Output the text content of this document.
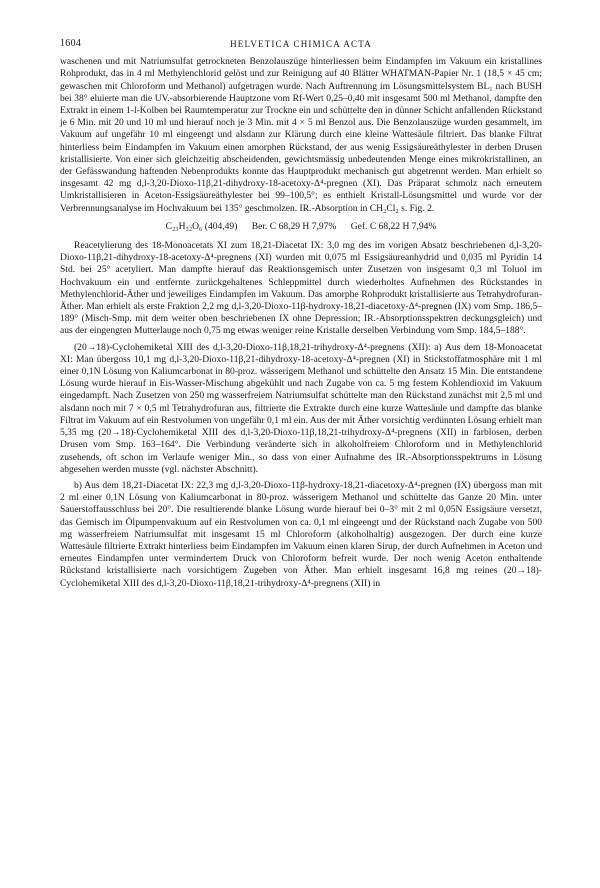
1604	HELVETICA CHIMICA ACTA

waschenen und mit Natriumsulfat getrockneten Benzolauszüge hinterliessen beim Eindampfen im Vakuum ein kristallines Rohprodukt, das in 4 ml Methylenchlorid gelöst und zur Reinigung auf 40 Blätter WHATMAN-Papier Nr. 1 (18,5 × 45 cm; gewaschen mit Chloroform und Methanol) aufgetragen wurde. Nach Auftrennung im Lösungsmittelsystem BL₁ nach BUSH bei 38° eluierte man die UV.-absorbierende Hauptzone vom Rf-Wert 0,25–0,40 mit insgesamt 500 ml Methanol, dampfte den Extrakt in einem 1-l-Kolben bei Raumtemperatur zur Trockne ein und schüttelte den in dünner Schicht anfallenden Rückstand je 6 Min. mit 20 und 10 ml und hierauf noch je 3 Min. mit 4 × 5 ml Benzol aus. Die Benzolauszüge wurden gesammelt, im Vakuum auf ungefähr 10 ml eingeengt und alsdann zur Klärung durch eine kleine Wattesäule filtriert. Das blanke Filtrat hinterliess beim Eindampfen im Vakuum einen amorphen Rückstand, der aus wenig Essigsäureäthylester in derben Drusen kristallisierte. Von einer sich gleichzeitig abscheidenden, gewichtsmässig unbedeutenden Menge eines mikrokristallinen, an der Gefässwandung haftenden Nebenprodukts konnte das Hauptprodukt mechanisch gut abgetrennt werden. Man erhielt so insgesamt 42 mg d,l-3,20-Dioxo-11β,21-dihydroxy-18-acetoxy-Δ⁴-pregnen (XI). Das Präparat schmolz nach erneutem Umkristallisieren in Aceton-Essigsäureäthylester bei 99–100,5°; es enthielt Kristall-Lösungsmittel und wurde vor der Verbrennungsanalyse im Hochvakuum bei 135° geschmolzen. IR.-Absorption in CH₂Cl₂ s. Fig. 2.

C₂₃H₃₂O₆ (404,49) Ber. C 68,29 H 7,97% Gef. C 68,22 H 7,94%

Reacetylierung des 18-Monoacetats XI zum 18,21-Diacetat IX: 3,0 mg des im vorigen Absatz beschriebenen d,l-3,20-Dioxo-11β,21-dihydroxy-18-acetoxy-Δ⁴-pregnens (XI) wurden mit 0,075 ml Essigsäureanhydrid und 0,035 ml Pyridin 14 Std. bei 25° acetyliert. Man dampfte hierauf das Reaktionsgemisch unter Zusetzen von insgesamt 0,3 ml Toluol im Hochvakuum ein und entfernte zurückgehaltenes Schleppmittel durch wiederholtes Aufnehmen des Rückstandes in Methylenchlorid-Äther und jeweiliges Eindampfen im Vakuum. Das amorphe Rohprodukt kristallisierte aus Tetrahydrofuran-Äther. Man erhielt als erste Fraktion 2,2 mg d,l-3,20-Dioxo-11β-hydroxy-18,21-diacetoxy-Δ⁴-pregnen (IX) vom Smp. 186,5–189° (Misch-Smp. mit dem weiter oben beschriebenen IX ohne Depression; IR.-Absorptionsspektren deckungsgleich) und aus der eingengten Mutterlauge noch 0,75 mg etwas weniger reine Kristalle derselben Verbindung vom Smp. 184,5–188°.

(20→18)-Cyclohemiketal XIII des d,l-3,20-Dioxo-11β,18,21-trihydroxy-Δ⁴-pregnens (XII): a) Aus dem 18-Monoacetat XI: Man übergoss 10,1 mg d,l-3,20-Dioxo-11β,21-dihydroxy-18-acetoxy-Δ⁴-pregnen (XI) in Stickstoffatmosphäre mit 1 ml einer 0,1N Lösung von Kaliumcarbonat in 80-proz. wässerigem Methanol und schüttelte den Ansatz 15 Min. Die entstandene Lösung wurde hierauf in Eis-Wasser-Mischung abgekühlt und nach Zugabe von ca. 5 mg festem Kohlendioxid im Vakuum eingedampft. Nach Zusetzen von 250 mg wasserfreiem Natriumsulfat schüttelte man den Rückstand zunächst mit 2,5 ml und alsdann noch mit 7 × 0,5 ml Tetrahydrofuran aus, filtrierte die Extrakte durch eine kurze Wattesäule und dampfte das blanke Filtrat im Vakuum auf ein Restvolumen von ungefähr 0,1 ml ein. Aus der mit Äther vorsichtig verdünnten Lösung erhielt man 5,35 mg (20→18)-Cyclohemiketal XIII des d,l-3,20-Dioxo-11β,18,21-trihydroxy-Δ⁴-pregnens (XII) in farblosen, derben Drusen vom Smp. 163–164°. Die Verbindung veränderte sich in alkoholfreiem Chloroform und in Methylenchlorid zusehends, oft schon im Verlaufe weniger Min., so dass von einer Aufnahme des IR.-Absorptionsspektrums in Lösung abgesehen werden musste (vgl. nächster Abschnitt).

b) Aus dem 18,21-Diacetat IX: 22,3 mg d,l-3,20-Dioxo-11β-hydroxy-18,21-diacetoxy-Δ⁴-pregnen (IX) übergoss man mit 2 ml einer 0,1N Lösung von Kaliumcarbonat in 80-proz. wässerigem Methanol und schüttelte das Ganze 20 Min. unter Sauerstoffausschluss bei 20°. Die resultierende blanke Lösung wurde hierauf bei 0–3° mit 2 ml 0,05N Essigsäure versetzt, das Gemisch im Ölpumpenvakuum auf ein Restvolumen von ca. 0,1 ml eingeengt und der Rückstand nach Zugabe von 500 mg wasserfreiem Natriumsulfat mit insgesamt 15 ml Chloroform (alkoholhaltig) ausgezogen. Der durch eine kurze Wattesäule filtrierte Extrakt hinterliess beim Eindampfen im Vakuum einen klaren Sirup, der durch Aufnehmen in Aceton und erneutes Eindampfen unter vermindertem Druck von Chloroform befreit wurde. Der noch wenig Aceton enthaltende Rückstand kristallisierte nach vorsichtigem Zugeben von Äther. Man erhielt insgesamt 16,8 mg reines (20→18)-Cyclohemiketal XIII des d,l-3,20-Dioxo-11β,18,21-trihydroxy-Δ⁴-pregnens (XII) in
